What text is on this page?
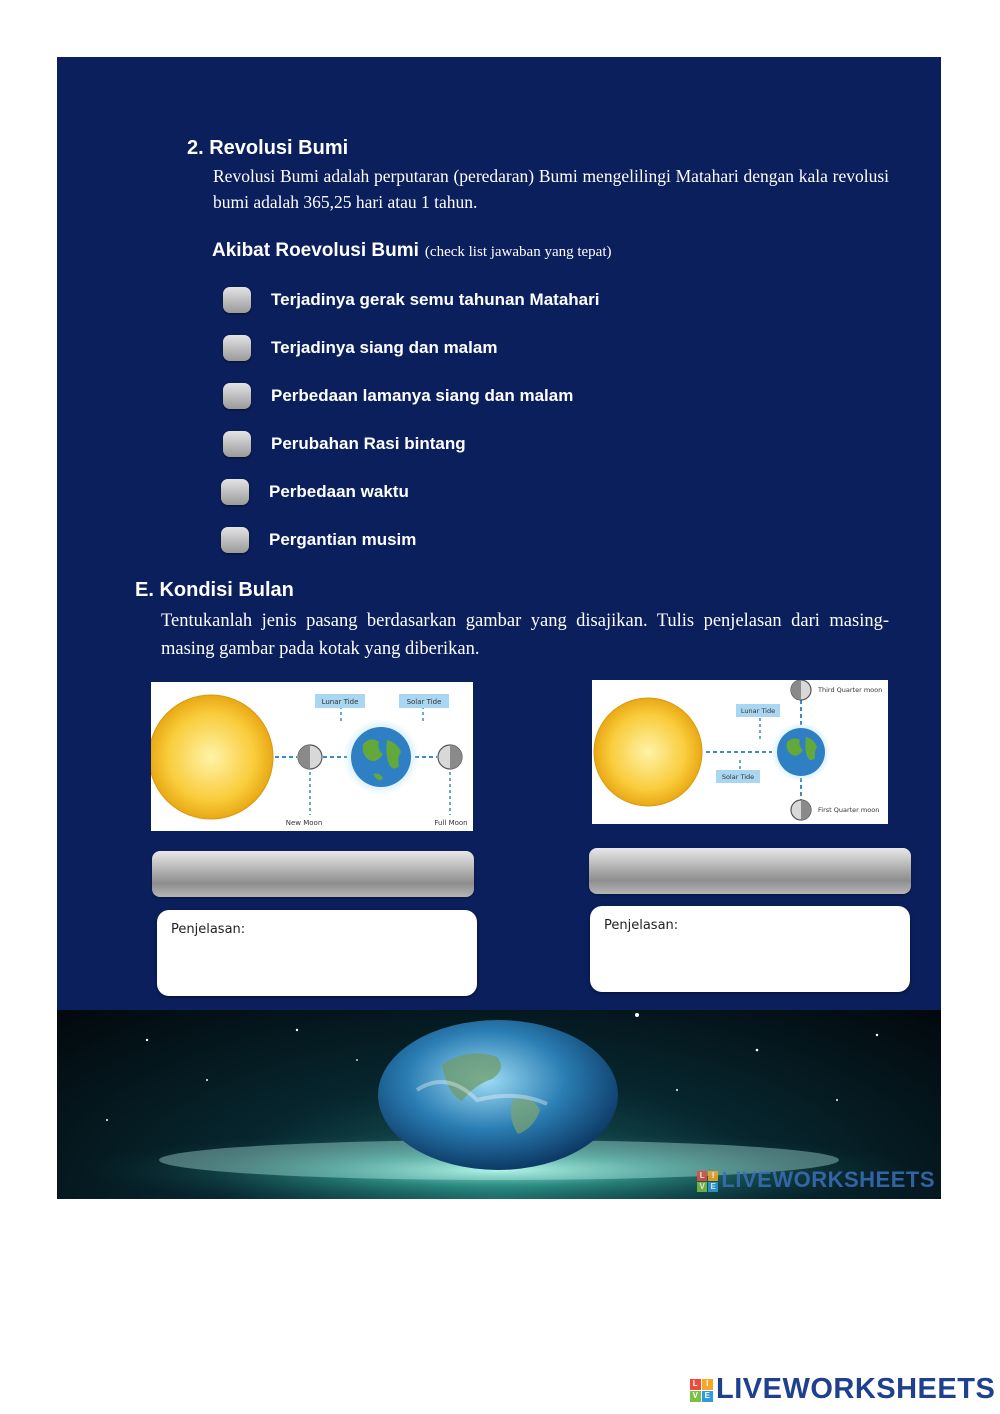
2. Revolusi Bumi
Revolusi Bumi adalah perputaran (peredaran) Bumi mengelilingi Matahari dengan kala revolusi bumi adalah 365,25 hari atau 1 tahun.
Akibat Roevolusi Bumi (check list jawaban yang tepat)
Terjadinya gerak semu tahunan Matahari
Terjadinya siang dan malam
Perbedaan lamanya siang dan malam
Perubahan Rasi bintang
Perbedaan waktu
Pergantian musim
E. Kondisi Bulan
Tentukanlah jenis pasang berdasarkan gambar yang disajikan. Tulis penjelasan dari masing-masing gambar pada kotak yang diberikan.
Lunar Tide	Solar Tide
New Moon	Full Moon
Lunar Tide
Solar Tide
Third Quarter moon
First Quarter moon
Penjelasan:	Penjelasan:
L I
V E LIVEWORKSHEETS
L I
V E LIVEWORKSHEETS
